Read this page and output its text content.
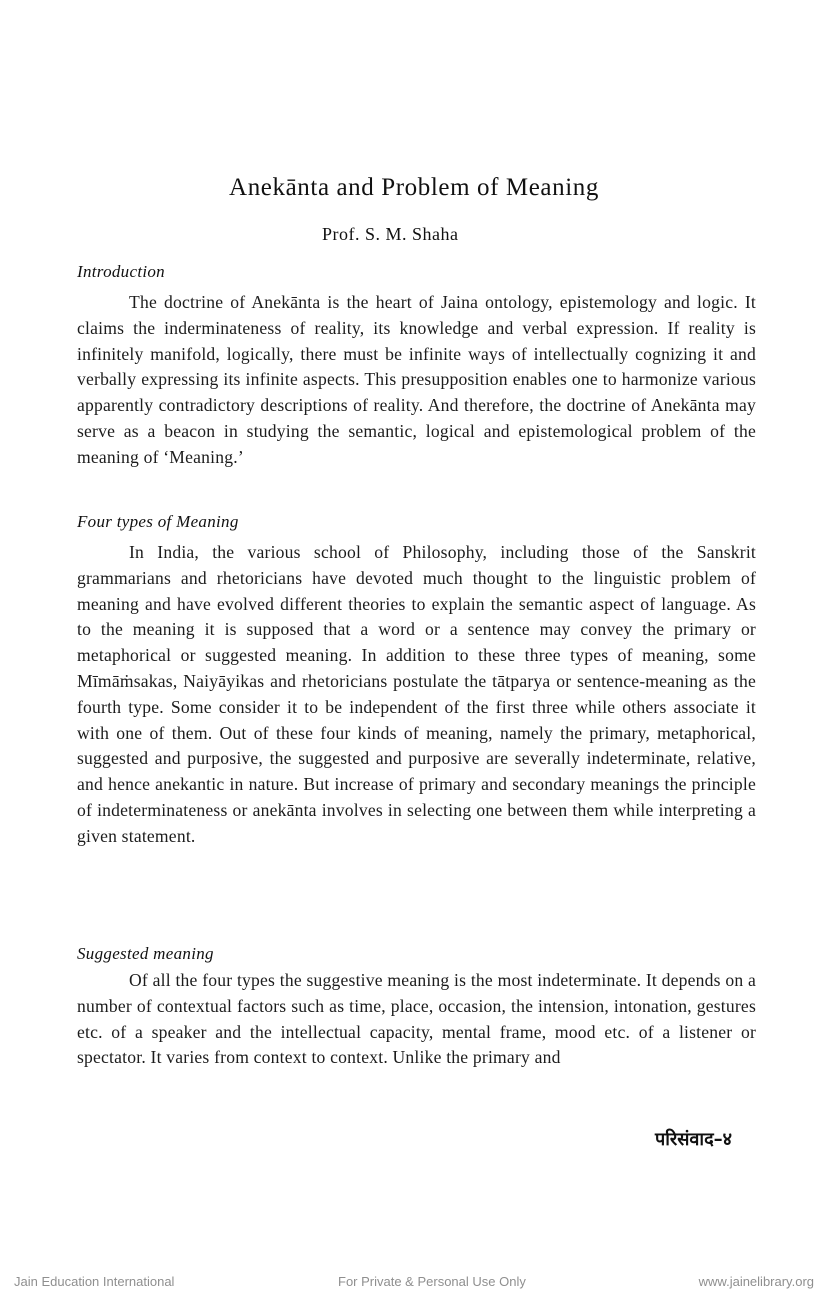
Anekānta and Problem of Meaning
Prof. S. M. Shaha
Introduction

The doctrine of Anekānta is the heart of Jaina ontology, epistemology and logic. It claims the inderminateness of reality, its knowledge and verbal expression. If reality is infinitely manifold, logically, there must be infinite ways of intellectually cognizing it and verbally expressing its infinite aspects. This presupposition enables one to harmonize various apparently contradictory descriptions of reality. And therefore, the doctrine of Anekānta may serve as a beacon in studying the semantic, logical and epistemological problem of the meaning of ‘Meaning.’

Four types of Meaning

In India, the various school of Philosophy, including those of the Sanskrit grammarians and rhetoricians have devoted much thought to the linguistic problem of meaning and have evolved different theories to explain the semantic aspect of language. As to the meaning it is supposed that a word or a sentence may convey the primary or metaphorical or suggested meaning. In addition to these three types of meaning, some Mīmāṁsakas, Naiyāyikas and rhetoricians postulate the tātparya or sentence-meaning as the fourth type. Some consider it to be independent of the first three while others associate it with one of them. Out of these four kinds of meaning, namely the primary, metaphorical, suggested and purposive, the suggested and purposive are severally indeterminate, relative, and hence anekantic in nature. But increase of primary and secondary meanings the principle of indeterminateness or anekānta involves in selecting one between them while interpreting a given statement.

Suggested meaning

Of all the four types the suggestive meaning is the most indeterminate. It depends on a number of contextual factors such as time, place, occasion, the intension, intonation, gestures etc. of a speaker and the intellectual capacity, mental frame, mood etc. of a listener or spectator. It varies from context to context. Unlike the primary and

परिसंवाद–४
Jain Education International	For Private & Personal Use Only	www.jainelibrary.org
